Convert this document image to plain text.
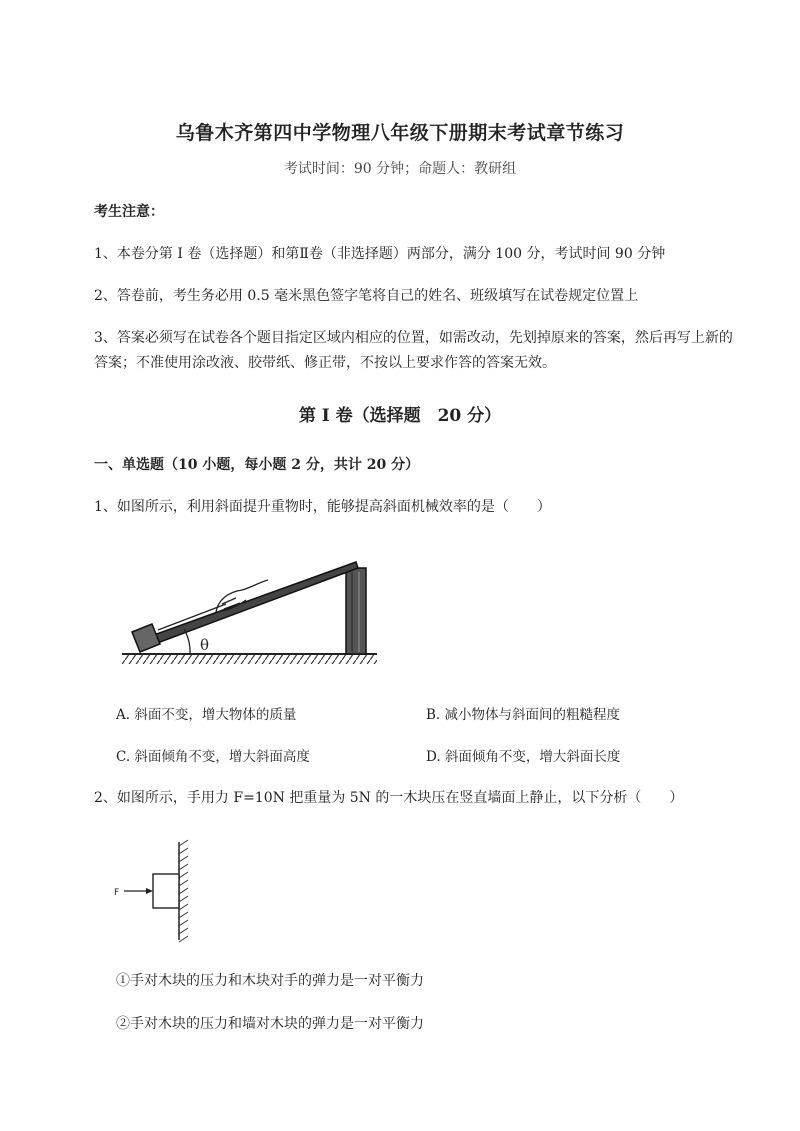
乌鲁木齐第四中学物理八年级下册期末考试章节练习
考试时间：90 分钟；命题人：教研组
考生注意：
1、本卷分第 I 卷（选择题）和第Ⅱ卷（非选择题）两部分，满分 100 分，考试时间 90 分钟
2、答卷前，考生务必用 0.5 毫米黑色签字笔将自己的姓名、班级填写在试卷规定位置上
3、答案必须写在试卷各个题目指定区域内相应的位置，如需改动，先划掉原来的答案，然后再写上新的答案；不准使用涂改液、胶带纸、修正带，不按以上要求作答的答案无效。
第 I 卷（选择题　20 分）
一、单选题（10 小题，每小题 2 分，共计 20 分）
1、如图所示，利用斜面提升重物时，能够提高斜面机械效率的是（　　）
θ
A. 斜面不变，增大物体的质量	B. 减小物体与斜面间的粗糙程度
C. 斜面倾角不变，增大斜面高度	D. 斜面倾角不变，增大斜面长度
2、如图所示，手用力 F=10N 把重量为 5N 的一木块压在竖直墙面上静止，以下分析（　　）
F
①手对木块的压力和木块对手的弹力是一对平衡力
②手对木块的压力和墙对木块的弹力是一对平衡力
